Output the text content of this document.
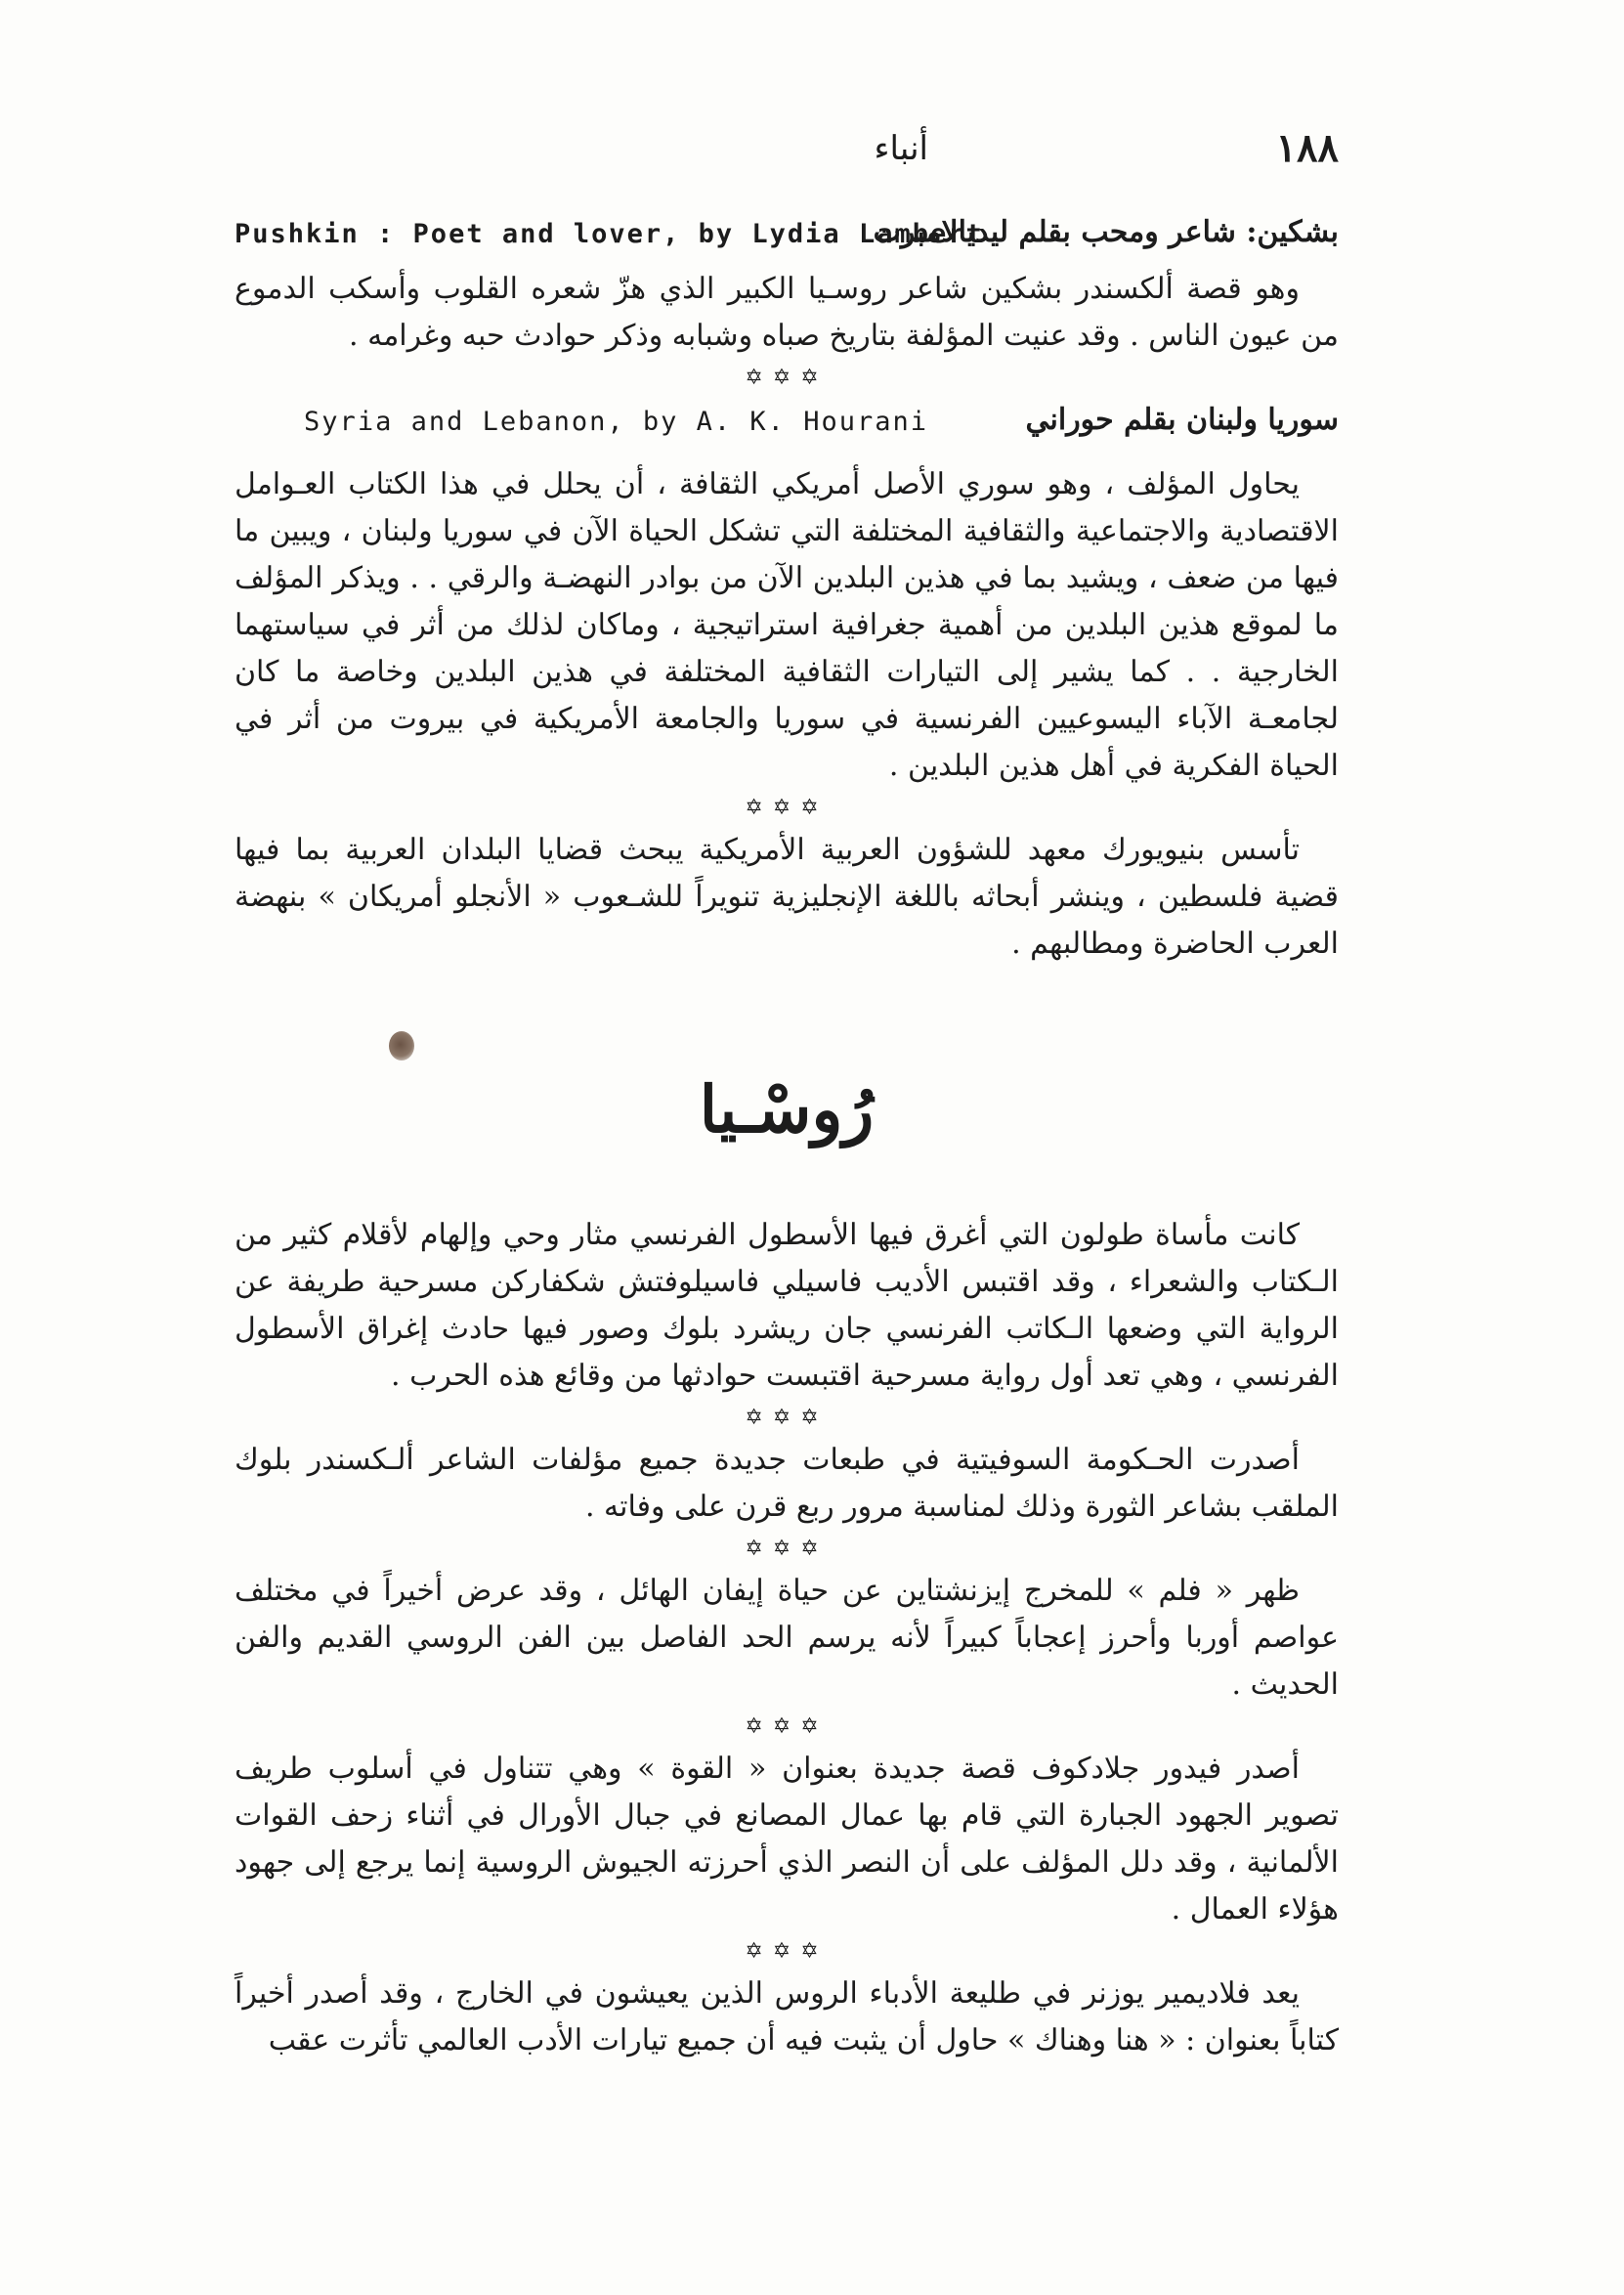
١٨٨
أنباء
بشكين: شاعر ومحب بقلم ليديالامبرت
Pushkin : Poet and lover, by Lydia Lambert

وهو قصة ألكسندر بشكين شاعر روسـيا الكبير الذي هزّ شعره القلوب وأسكب الدموع من عيون الناس . وقد عنيت المؤلفة بتاريخ صباه وشبابه وذكر حوادث حبه وغرامه .

✡✡✡
سوريا ولبنان بقلم حوراني
Syria and Lebanon, by A. K. Hourani

يحاول المؤلف ، وهو سوري الأصل أمريكي الثقافة ، أن يحلل في هذا الكتاب العـوامل الاقتصادية والاجتماعية والثقافية المختلفة التي تشكل الحياة الآن في سوريا ولبنان ، ويبين ما فيها من ضعف ، ويشيد بما في هذين البلدين الآن من بوادر النهضـة والرقي . . ويذكر المؤلف ما لموقع هذين البلدين من أهمية جغرافية استراتيجية ، وماكان لذلك من أثر في سياستهما الخارجية . . كما يشير إلى التيارات الثقافية المختلفة في هذين البلدين وخاصة ما كان لجامعـة الآباء اليسوعيين الفرنسية في سوريا والجامعة الأمريكية في بيروت من أثر في الحياة الفكرية في أهل هذين البلدين .

✡✡✡

تأسس بنيويورك معهد للشؤون العربية الأمريكية يبحث قضايا البلدان العربية بما فيها قضية فلسطين ، وينشر أبحاثه باللغة الإنجليزية تنويراً للشـعوب « الأنجلو أمريكان » بنهضة العرب الحاضرة ومطالبهم .

رُوسْـيا

كانت مأساة طولون التي أغرق فيها الأسطول الفرنسي مثار وحي وإلهام لأقلام كثير من الـكتاب والشعراء ، وقد اقتبس الأديب فاسيلي فاسيلوفتش شكفاركن مسرحية طريفة عن الرواية التي وضعها الـكاتب الفرنسي جان ريشرد بلوك وصور فيها حادث إغراق الأسطول الفرنسي ، وهي تعد أول رواية مسرحية اقتبست حوادثها من وقائع هذه الحرب .

✡✡✡

أصدرت الحـكومة السوفيتية في طبعات جديدة جميع مؤلفات الشاعر ألـكسندر بلوك الملقب بشاعر الثورة وذلك لمناسبة مرور ربع قرن على وفاته .

✡✡✡

ظهر « فلم » للمخرج إيزنشتاين عن حياة إيفان الهائل ، وقد عرض أخيراً في مختلف عواصم أوربا وأحرز إعجاباً كبيراً لأنه يرسم الحد الفاصل بين الفن الروسي القديم والفن الحديث .

✡✡✡

أصدر فيدور جلادكوف قصة جديدة بعنوان « القوة » وهي تتناول في أسلوب طريف تصوير الجهود الجبارة التي قام بها عمال المصانع في جبال الأورال في أثناء زحف القوات الألمانية ، وقد دلل المؤلف على أن النصر الذي أحرزته الجيوش الروسية إنما يرجع إلى جهود هؤلاء العمال .

✡✡✡

يعد فلاديمير يوزنر في طليعة الأدباء الروس الذين يعيشون في الخارج ، وقد أصدر أخيراً كتاباً بعنوان : « هنا وهناك » حاول أن يثبت فيه أن جميع تيارات الأدب العالمي تأثرت عقب
